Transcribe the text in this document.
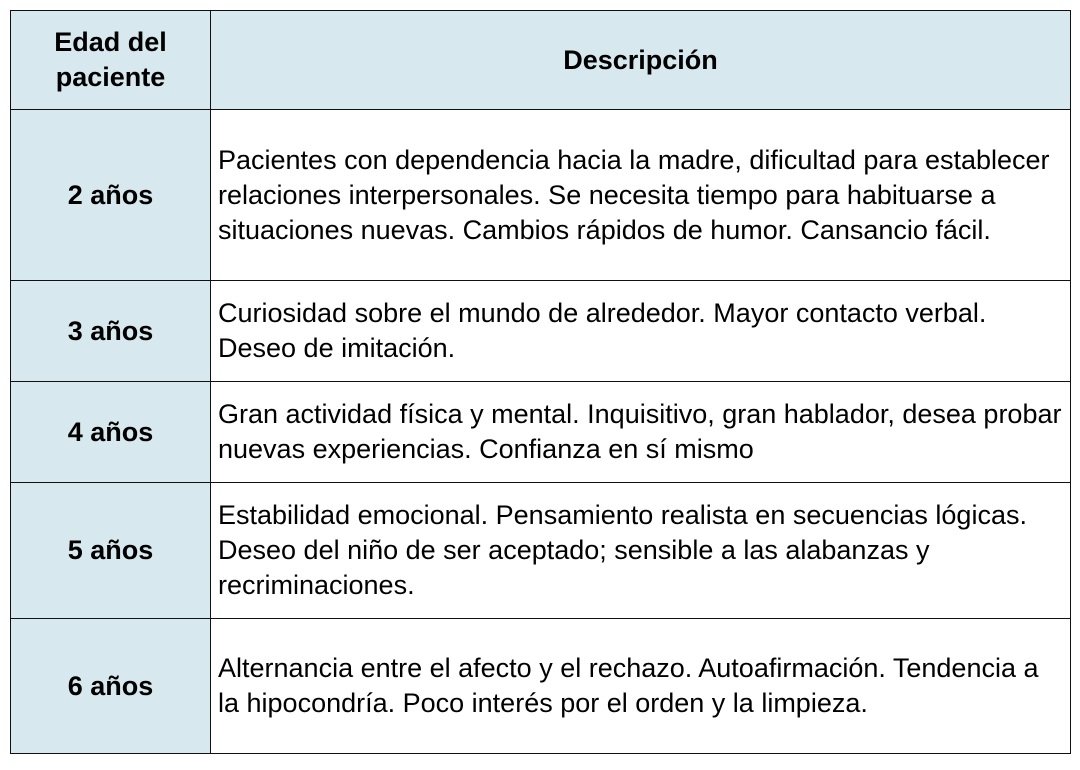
Edad del paciente	Descripción
2 años	Pacientes con dependencia hacia la madre, dificultad para establecer relaciones interpersonales. Se necesita tiempo para habituarse a situaciones nuevas. Cambios rápidos de humor. Cansancio fácil.
3 años	Curiosidad sobre el mundo de alrededor. Mayor contacto verbal. Deseo de imitación.
4 años	Gran actividad física y mental. Inquisitivo, gran hablador, desea probar nuevas experiencias. Confianza en sí mismo
5 años	Estabilidad emocional. Pensamiento realista en secuencias lógicas. Deseo del niño de ser aceptado; sensible a las alabanzas y recriminaciones.
6 años	Alternancia entre el afecto y el rechazo. Autoafirmación. Tendencia a la hipocondría. Poco interés por el orden y la limpieza.
